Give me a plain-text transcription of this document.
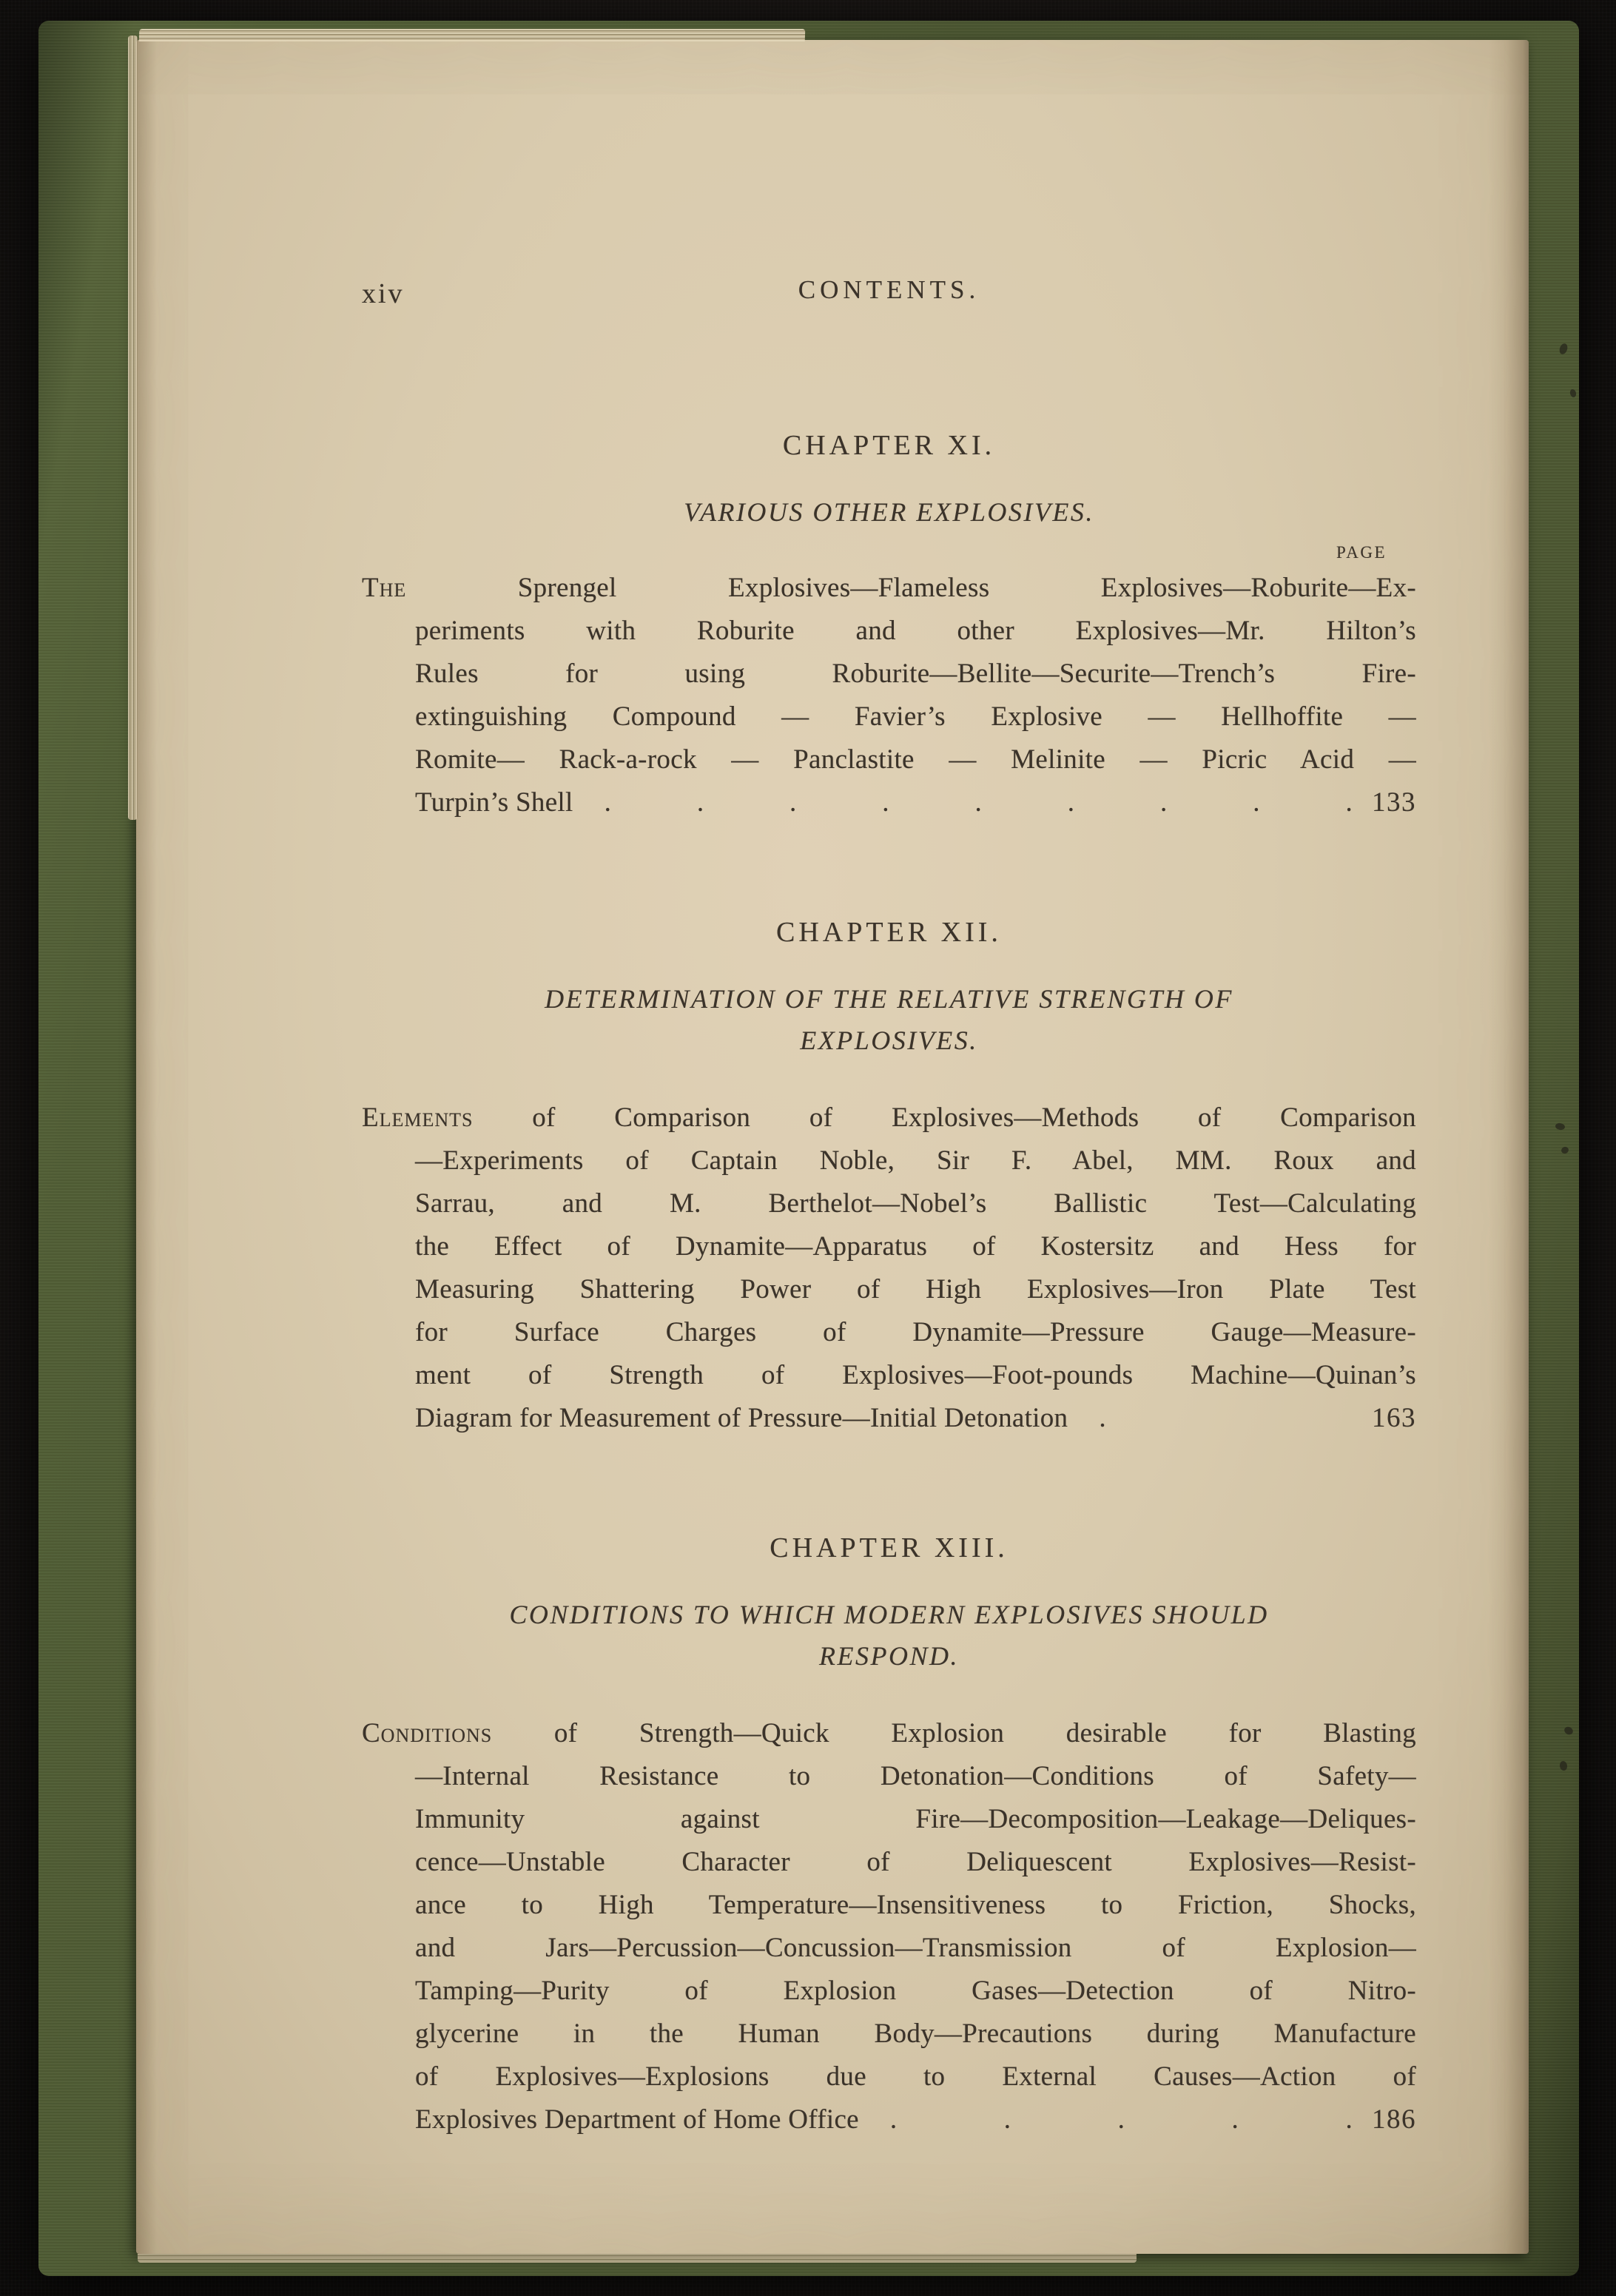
xiv	CONTENTS.
CHAPTER XI.
VARIOUS OTHER EXPLOSIVES.
PAGE
The	Sprengel Explosives—Flameless Explosives—Roburite—Ex-
periments with Roburite and other Explosives—Mr. Hilton’s
Rules for using Roburite—Bellite—Securite—Trench’s Fire-
extinguishing Compound — Favier’s Explosive — Hellhoffite —
Romite— Rack-a-rock — Panclastite — Melinite — Picric Acid —
Turpin’s Shell . . . . . . . . . 133
CHAPTER XII.
DETERMINATION OF THE RELATIVE STRENGTH OF
EXPLOSIVES.
Elements of Comparison of Explosives—Methods of Comparison
—Experiments of Captain Noble, Sir F. Abel, MM. Roux and
Sarrau, and M. Berthelot—Nobel’s Ballistic Test—Calculating
the Effect of Dynamite—Apparatus of Kostersitz and Hess for
Measuring Shattering Power of High Explosives—Iron Plate Test
for Surface Charges of Dynamite—Pressure Gauge—Measure-
ment of Strength of Explosives—Foot-pounds Machine—Quinan’s
Diagram for Measurement of Pressure—Initial Detonation .	163
CHAPTER XIII.
CONDITIONS TO WHICH MODERN EXPLOSIVES SHOULD
RESPOND.
Conditions of Strength—Quick Explosion desirable for Blasting
—Internal Resistance to Detonation—Conditions of Safety—
Immunity against Fire—Decomposition—Leakage—Deliques-
cence—Unstable Character of Deliquescent Explosives—Resist-
ance to High Temperature—Insensitiveness to Friction, Shocks,
and Jars—Percussion—Concussion—Transmission of Explosion—
Tamping—Purity of Explosion Gases—Detection of Nitro-
glycerine in the Human Body—Precautions during Manufacture
of Explosives—Explosions due to External Causes—Action of
Explosives Department of Home Office . . . . . 186
